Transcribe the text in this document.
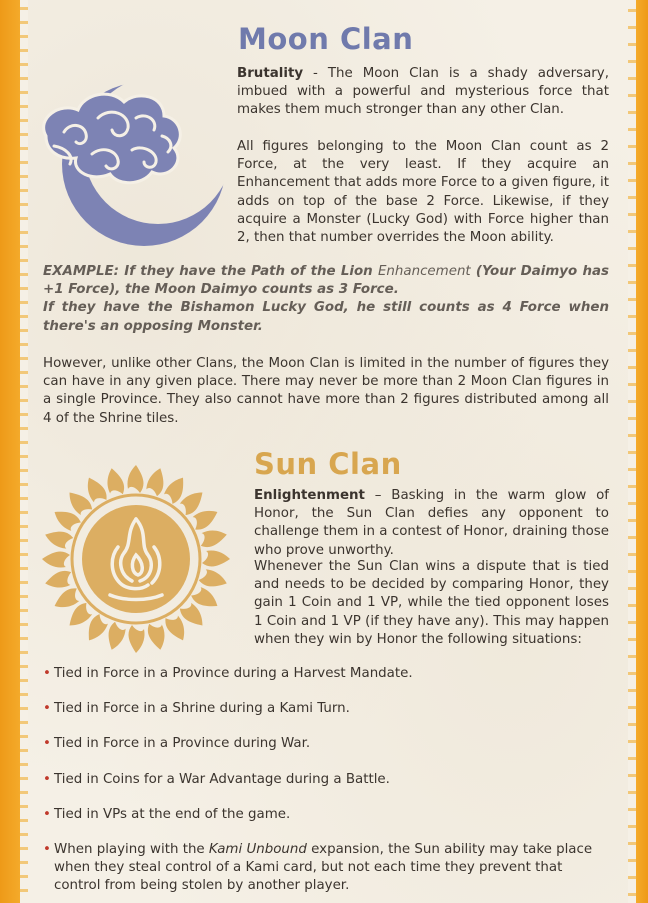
Moon Clan

Brutality - The Moon Clan is a shady adversary, imbued with a powerful and mysterious force that makes them much stronger than any other Clan.

All figures belonging to the Moon Clan count as 2 Force, at the very least. If they acquire an Enhancement that adds more Force to a given figure, it adds on top of the base 2 Force. Likewise, if they acquire a Monster (Lucky God) with Force higher than 2, then that number overrides the Moon ability.

EXAMPLE: If they have the Path of the Lion Enhancement (Your Daimyo has +1 Force), the Moon Daimyo counts as 3 Force.
If they have the Bishamon Lucky God, he still counts as 4 Force when there's an opposing Monster.

However, unlike other Clans, the Moon Clan is limited in the number of figures they can have in any given place. There may never be more than 2 Moon Clan figures in a single Province. They also cannot have more than 2 figures distributed among all 4 of the Shrine tiles.

Sun Clan

Enlightenment – Basking in the warm glow of Honor, the Sun Clan defies any opponent to challenge them in a contest of Honor, draining those who prove unworthy.

Whenever the Sun Clan wins a dispute that is tied and needs to be decided by comparing Honor, they gain 1 Coin and 1 VP, while the tied opponent loses 1 Coin and 1 VP (if they have any). This may happen when they win by Honor the following situations:

• Tied in Force in a Province during a Harvest Mandate.
• Tied in Force in a Shrine during a Kami Turn.
• Tied in Force in a Province during War.
• Tied in Coins for a War Advantage during a Battle.
• Tied in VPs at the end of the game.
• When playing with the Kami Unbound expansion, the Sun ability may take place when they steal control of a Kami card, but not each time they prevent that control from being stolen by another player.
